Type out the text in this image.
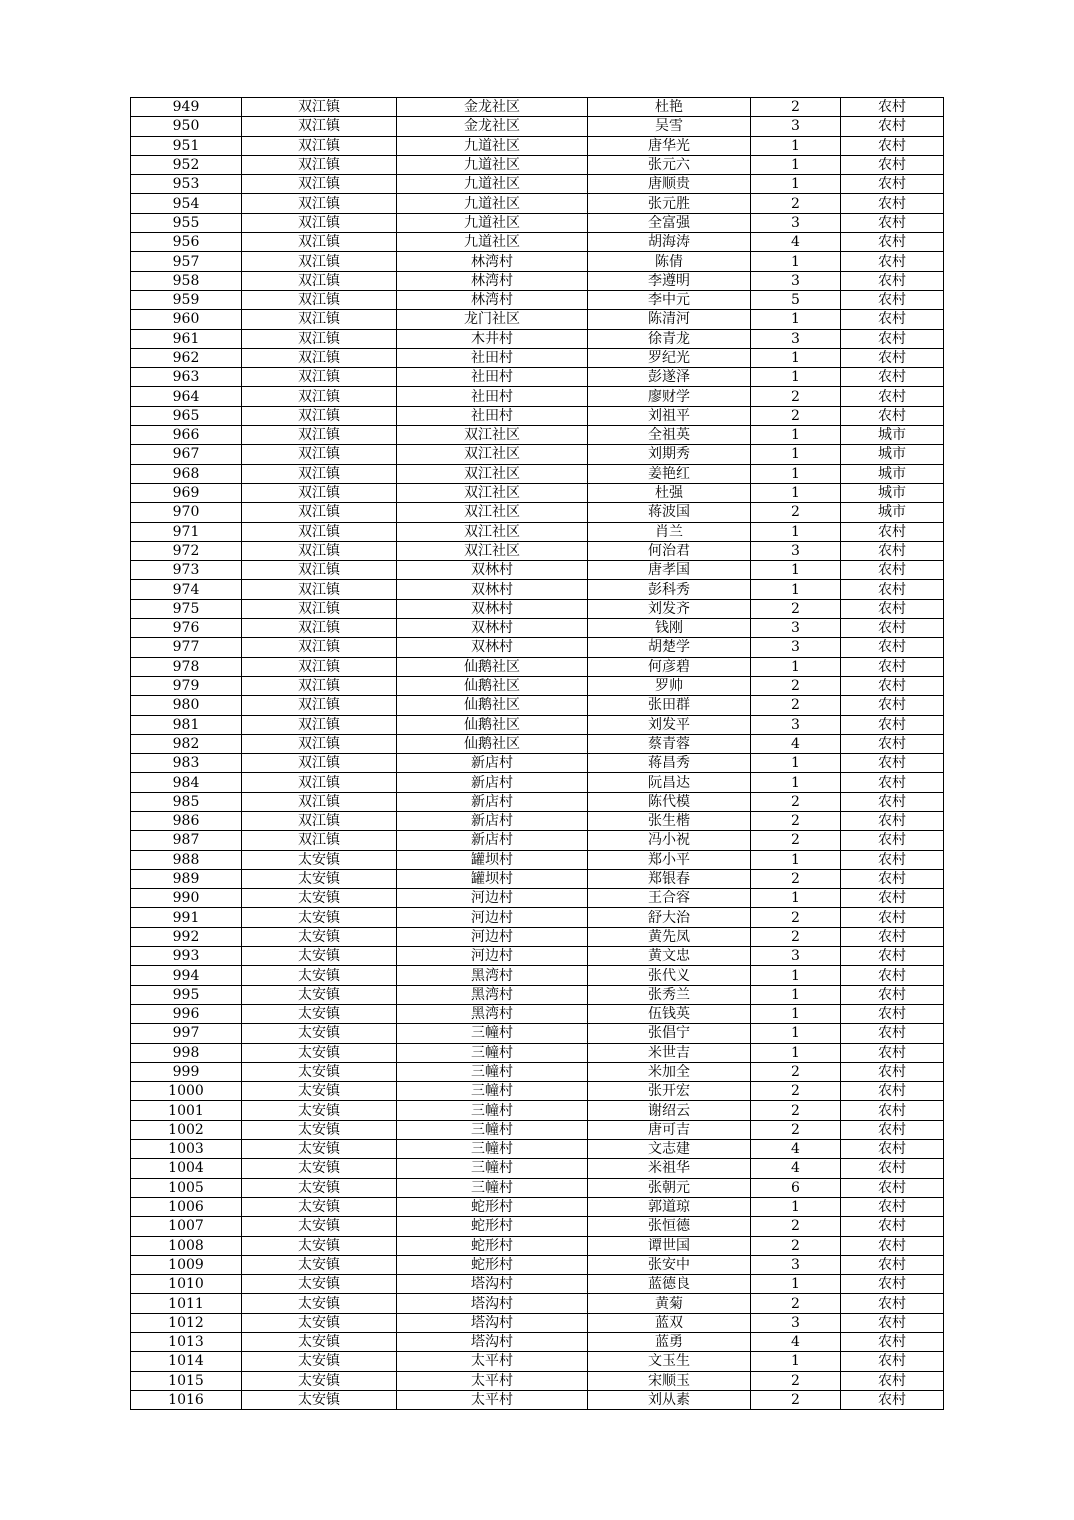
949	双江镇	金龙社区	杜艳	2	农村
950	双江镇	金龙社区	吴雪	3	农村
951	双江镇	九道社区	唐华光	1	农村
952	双江镇	九道社区	张元六	1	农村
953	双江镇	九道社区	唐顺贵	1	农村
954	双江镇	九道社区	张元胜	2	农村
955	双江镇	九道社区	全富强	3	农村
956	双江镇	九道社区	胡海涛	4	农村
957	双江镇	林湾村	陈倩	1	农村
958	双江镇	林湾村	李遵明	3	农村
959	双江镇	林湾村	李中元	5	农村
960	双江镇	龙门社区	陈清河	1	农村
961	双江镇	木井村	徐青龙	3	农村
962	双江镇	社田村	罗纪光	1	农村
963	双江镇	社田村	彭遂泽	1	农村
964	双江镇	社田村	廖财学	2	农村
965	双江镇	社田村	刘祖平	2	农村
966	双江镇	双江社区	全祖英	1	城市
967	双江镇	双江社区	刘期秀	1	城市
968	双江镇	双江社区	姜艳红	1	城市
969	双江镇	双江社区	杜强	1	城市
970	双江镇	双江社区	蒋波国	2	城市
971	双江镇	双江社区	肖兰	1	农村
972	双江镇	双江社区	何治君	3	农村
973	双江镇	双林村	唐孝国	1	农村
974	双江镇	双林村	彭科秀	1	农村
975	双江镇	双林村	刘发齐	2	农村
976	双江镇	双林村	钱刚	3	农村
977	双江镇	双林村	胡楚学	3	农村
978	双江镇	仙鹅社区	何彦碧	1	农村
979	双江镇	仙鹅社区	罗帅	2	农村
980	双江镇	仙鹅社区	张田群	2	农村
981	双江镇	仙鹅社区	刘发平	3	农村
982	双江镇	仙鹅社区	蔡青蓉	4	农村
983	双江镇	新店村	蒋昌秀	1	农村
984	双江镇	新店村	阮昌达	1	农村
985	双江镇	新店村	陈代模	2	农村
986	双江镇	新店村	张生楷	2	农村
987	双江镇	新店村	冯小祝	2	农村
988	太安镇	罐坝村	郑小平	1	农村
989	太安镇	罐坝村	郑银春	2	农村
990	太安镇	河边村	王合容	1	农村
991	太安镇	河边村	舒大治	2	农村
992	太安镇	河边村	黄先凤	2	农村
993	太安镇	河边村	黄文忠	3	农村
994	太安镇	黑湾村	张代义	1	农村
995	太安镇	黑湾村	张秀兰	1	农村
996	太安镇	黑湾村	伍钱英	1	农村
997	太安镇	三幢村	张倡宁	1	农村
998	太安镇	三幢村	米世吉	1	农村
999	太安镇	三幢村	米加全	2	农村
1000	太安镇	三幢村	张开宏	2	农村
1001	太安镇	三幢村	谢绍云	2	农村
1002	太安镇	三幢村	唐可吉	2	农村
1003	太安镇	三幢村	文志建	4	农村
1004	太安镇	三幢村	米祖华	4	农村
1005	太安镇	三幢村	张朝元	6	农村
1006	太安镇	蛇形村	郭道琼	1	农村
1007	太安镇	蛇形村	张恒德	2	农村
1008	太安镇	蛇形村	谭世国	2	农村
1009	太安镇	蛇形村	张安中	3	农村
1010	太安镇	塔沟村	蓝德良	1	农村
1011	太安镇	塔沟村	黄菊	2	农村
1012	太安镇	塔沟村	蓝双	3	农村
1013	太安镇	塔沟村	蓝勇	4	农村
1014	太安镇	太平村	文玉生	1	农村
1015	太安镇	太平村	宋顺玉	2	农村
1016	太安镇	太平村	刘从素	2	农村
